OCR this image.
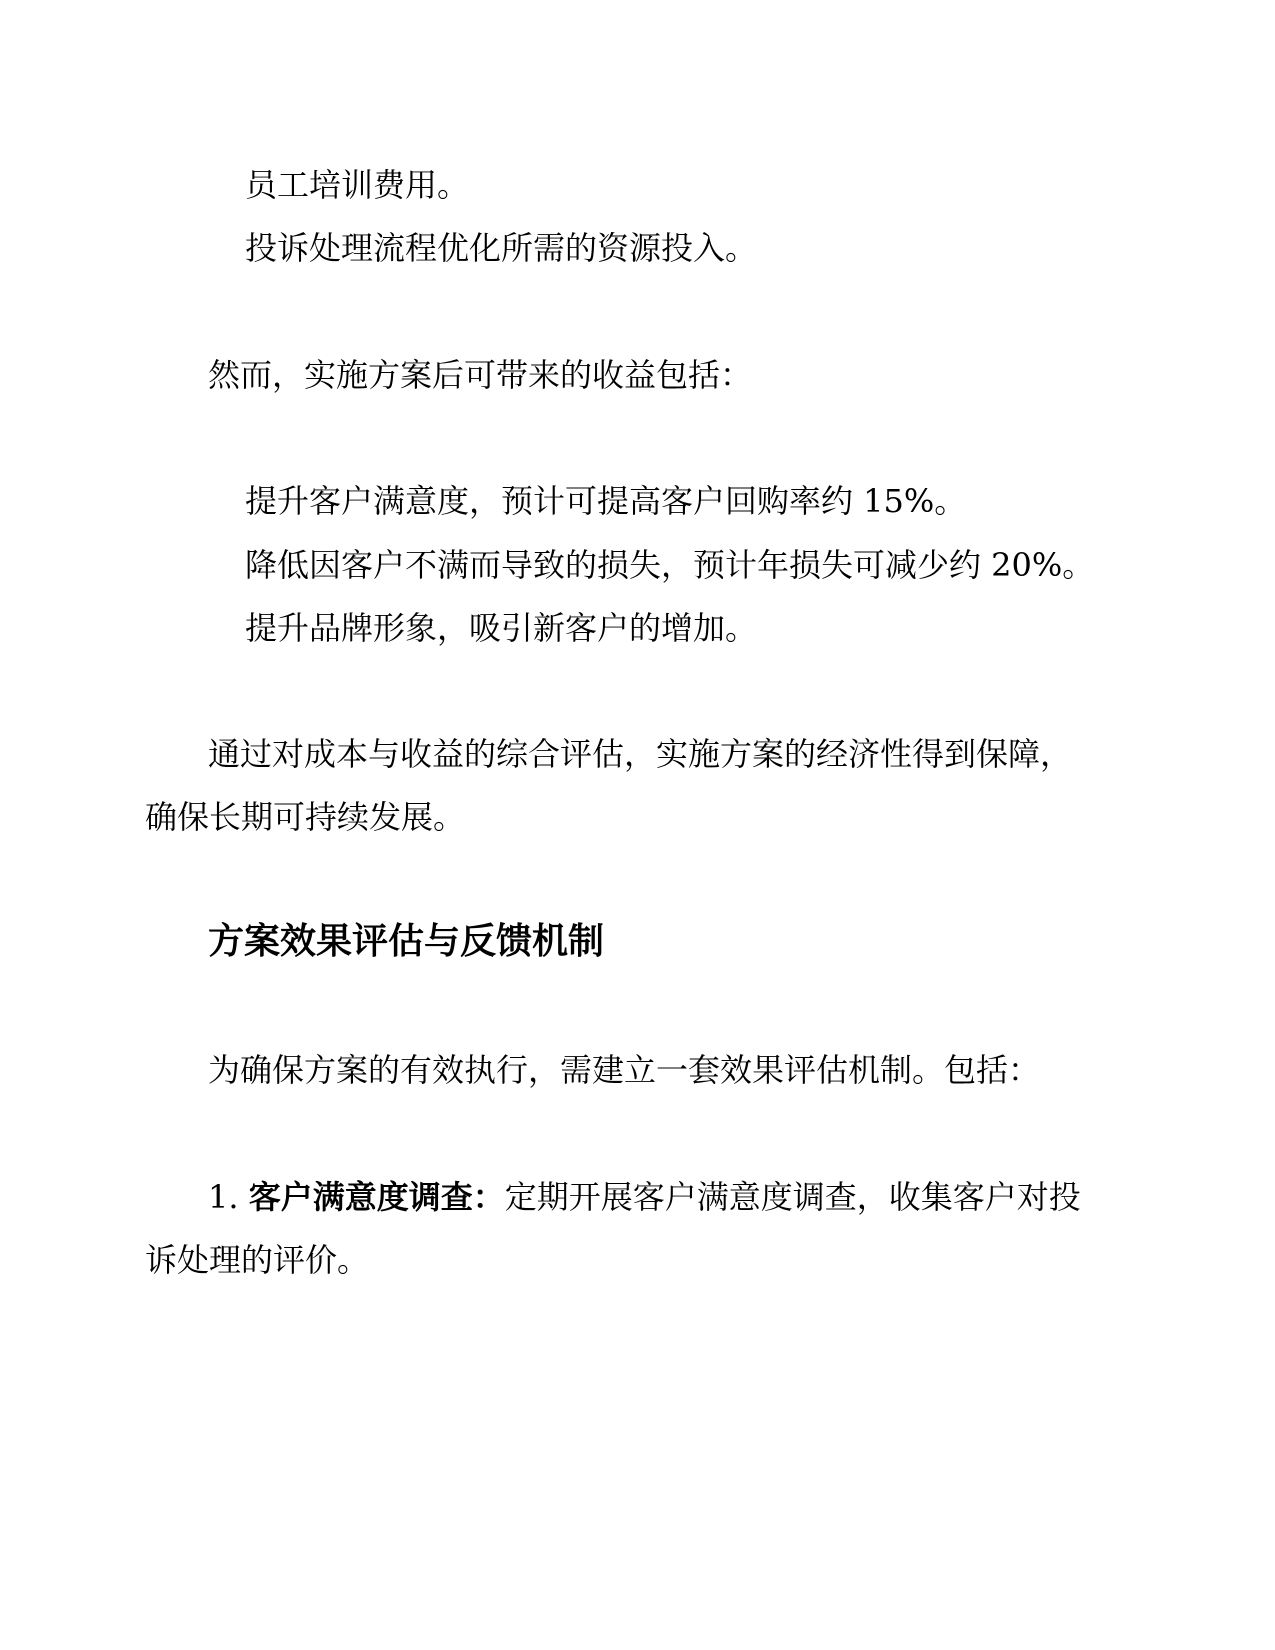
员工培训费用。

投诉处理流程优化所需的资源投入。

然而，实施方案后可带来的收益包括：

提升客户满意度，预计可提高客户回购率约 15%。

降低因客户不满而导致的损失，预计年损失可减少约 20%。

提升品牌形象，吸引新客户的增加。

通过对成本与收益的综合评估，实施方案的经济性得到保障，

确保长期可持续发展。

方案效果评估与反馈机制

为确保方案的有效执行，需建立一套效果评估机制。包括：

1. 客户满意度调查：定期开展客户满意度调查，收集客户对投

诉处理的评价。
